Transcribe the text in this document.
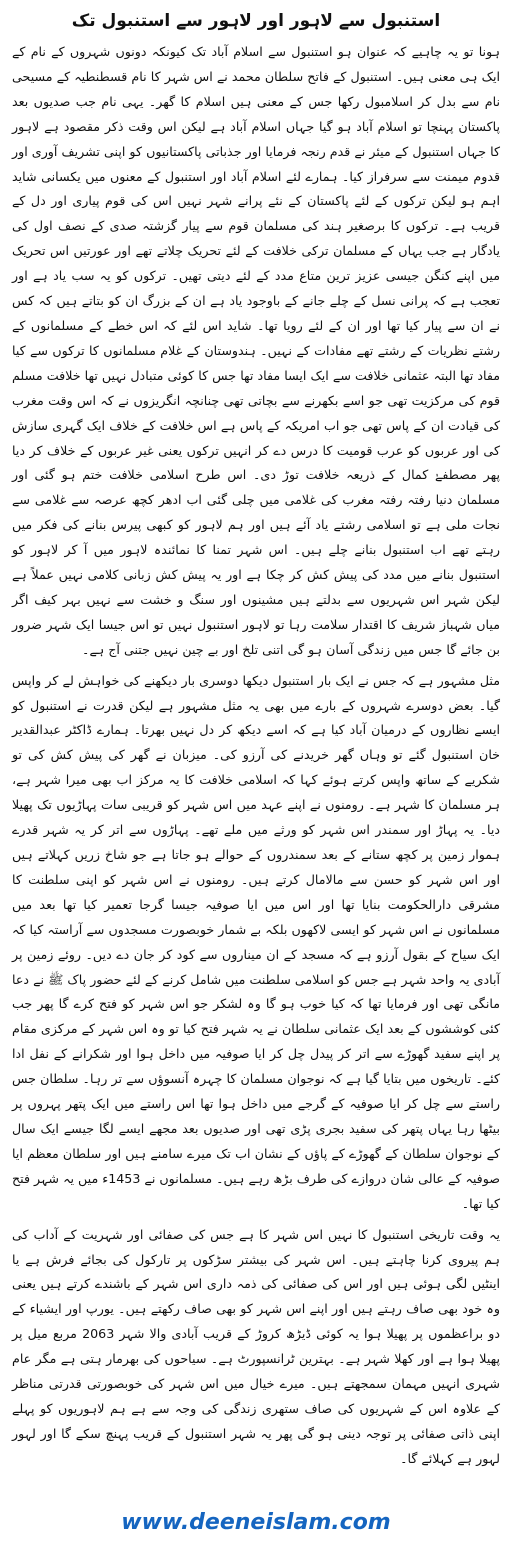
استنبول سے لاہور اور لاہور سے استنبول تک

ہونا تو یہ چاہیے کہ عنوان ہو استنبول سے اسلام آباد تک کیونکہ دونوں شہروں کے نام کے ایک ہی معنی ہیں۔ استنبول کے فاتح سلطان محمد نے اس شہر کا نام قسطنطیہ کے مسیحی نام سے بدل کر اسلامبول رکھا جس کے معنی ہیں اسلام کا گھر۔ یہی نام جب صدیوں بعد پاکستان پہنچا تو اسلام آباد ہو گیا جہاں اسلام آباد ہے لیکن اس وقت ذکر مقصود ہے لاہور کا جہاں استنبول کے میئر نے قدم رنجہ فرمایا اور جذباتی پاکستانیوں کو اپنی تشریف آوری اور قدوم میمنت سے سرفراز کیا۔ ہمارے لئے اسلام آباد اور استنبول کے معنوں میں یکسانی شاید اہم ہو لیکن ترکوں کے لئے پاکستان کے نئے پرانے شہر نہیں اس کی قوم پیاری اور دل کے قریب ہے۔ ترکوں کا برصغیر ہند کی مسلمان قوم سے پیار گزشتہ صدی کے نصف اول کی یادگار ہے جب یہاں کے مسلمان ترکی خلافت کے لئے تحریک چلاتے تھے اور عورتیں اس تحریک میں اپنے کنگن جیسی عزیز ترین متاع مدد کے لئے دیتی تھیں۔ ترکوں کو یہ سب یاد ہے اور تعجب ہے کہ پرانی نسل کے چلے جانے کے باوجود یاد ہے ان کے بزرگ ان کو بتاتے ہیں کہ کس نے ان سے پیار کیا تھا اور ان کے لئے رویا تھا۔ شاید اس لئے کہ اس خطے کے مسلمانوں کے رشتے نظریات کے رشتے تھے مفادات کے نہیں۔ ہندوستان کے غلام مسلمانوں کا ترکوں سے کیا مفاد تھا البتہ عثمانی خلافت سے ایک ایسا مفاد تھا جس کا کوئی متبادل نہیں تھا خلافت مسلم قوم کی مرکزیت تھی جو اسے بکھرنے سے بچاتی تھی چنانچہ انگریزوں نے کہ اس وقت مغرب کی قیادت ان کے پاس تھی جو اب امریکہ کے پاس ہے اس خلافت کے خلاف ایک گہری سازش کی اور عربوں کو عرب قومیت کا درس دے کر انہیں ترکوں یعنی غیر عربوں کے خلاف کر دیا پھر مصطفےٰ کمال کے ذریعہ خلافت توڑ دی۔ اس طرح اسلامی خلافت ختم ہو گئی اور مسلمان دنیا رفتہ رفتہ مغرب کی غلامی میں چلی گئی اب ادھر کچھ عرصہ سے غلامی سے نجات ملی ہے تو اسلامی رشتے یاد آئے ہیں اور ہم لاہور کو کبھی پیرس بنانے کی فکر میں رہتے تھے اب استنبول بنانے چلے ہیں۔ اس شہر تمنا کا نمائندہ لاہور میں آ کر لاہور کو استنبول بنانے میں مدد کی پیش کش کر چکا ہے اور یہ پیش کش زبانی کلامی نہیں عملاً ہے لیکن شہر اس شہریوں سے بدلتے ہیں مشینوں اور سنگ و خشت سے نہیں بہر کیف اگر میاں شہباز شریف کا اقتدار سلامت رہا تو لاہور استنبول نہیں تو اس جیسا ایک شہر ضرور بن جائے گا جس میں زندگی آسان ہو گی اتنی تلخ اور بے چین نہیں جتنی آج ہے۔

مثل مشہور ہے کہ جس نے ایک بار استنبول دیکھا دوسری بار دیکھنے کی خواہش لے کر واپس گیا۔ بعض دوسرے شہروں کے بارے میں بھی یہ مثل مشہور ہے لیکن قدرت نے استنبول کو ایسے نظاروں کے درمیان آباد کیا ہے کہ اسے دیکھ کر دل نہیں بھرتا۔ ہمارے ڈاکٹر عبدالقدیر خان استنبول گئے تو وہاں گھر خریدنے کی آرزو کی۔ میزبان نے گھر کی پیش کش کی تو شکریے کے ساتھ واپس کرتے ہوئے کہا کہ اسلامی خلافت کا یہ مرکز اب بھی میرا شہر ہے، ہر مسلمان کا شہر ہے۔ رومنوں نے اپنے عہد میں اس شہر کو قریبی سات پہاڑیوں تک پھیلا دیا۔ یہ پہاڑ اور سمندر اس شہر کو ورثے میں ملے تھے۔ پہاڑوں سے اتر کر یہ شہر قدرے ہموار زمین پر کچھ ستانے کے بعد سمندروں کے حوالے ہو جاتا ہے جو شاخ زریں کہلاتے ہیں اور اس شہر کو حسن سے مالامال کرتے ہیں۔ رومنوں نے اس شہر کو اپنی سلطنت کا مشرقی دارالحکومت بنایا تھا اور اس میں ایا صوفیہ جیسا گرجا تعمیر کیا تھا بعد میں مسلمانوں نے اس شہر کو ایسی لاکھوں بلکہ بے شمار خوبصورت مسجدوں سے آراستہ کیا کہ ایک سیاح کے بقول آرزو ہے کہ مسجد کے ان میناروں سے کود کر جان دے دیں۔ روئے زمین پر آبادی یہ واحد شہر ہے جس کو اسلامی سلطنت میں شامل کرنے کے لئے حضور پاک ﷺ نے دعا مانگی تھی اور فرمایا تھا کہ کیا خوب ہو گا وہ لشکر جو اس شہر کو فتح کرے گا پھر جب کئی کوششوں کے بعد ایک عثمانی سلطان نے یہ شہر فتح کیا تو وہ اس شہر کے مرکزی مقام پر اپنے سفید گھوڑے سے اتر کر پیدل چل کر ایا صوفیہ میں داخل ہوا اور شکرانے کے نفل ادا کئے۔ تاریخوں میں بتایا گیا ہے کہ نوجوان مسلمان کا چہرہ آنسوؤں سے تر رہا۔ سلطان جس راستے سے چل کر ایا صوفیہ کے گرجے میں داخل ہوا تھا اس راستے میں ایک پتھر پہروں پر بیٹھا رہا یہاں پتھر کی سفید بجری پڑی تھی اور صدیوں بعد مجھے ایسے لگا جیسے ایک سال کے نوجوان سلطان کے گھوڑے کے پاؤں کے نشان اب تک میرے سامنے ہیں اور سلطان معظم ایا صوفیہ کے عالی شان دروازے کی طرف بڑھ رہے ہیں۔ مسلمانوں نے 1453ء میں یہ شہر فتح کیا تھا۔

یہ وقت تاریخی استنبول کا نہیں اس شہر کا ہے جس کی صفائی اور شہریت کے آداب کی ہم پیروی کرنا چاہتے ہیں۔ اس شہر کی بیشتر سڑکوں پر تارکول کی بجائے فرش ہے یا اینٹیں لگی ہوئی ہیں اور اس کی صفائی کی ذمہ داری اس شہر کے باشندے کرتے ہیں یعنی وہ خود بھی صاف رہتے ہیں اور اپنے اس شہر کو بھی صاف رکھتے ہیں۔ یورپ اور ایشیاء کے دو براعظموں پر پھیلا ہوا یہ کوئی ڈیڑھ کروڑ کے قریب آبادی والا شہر 2063 مربع میل پر پھیلا ہوا ہے اور کھلا شہر ہے۔ بہترین ٹرانسپورٹ ہے۔ سیاحوں کی بھرمار ہتی ہے مگر عام شہری انہیں مہمان سمجھتے ہیں۔ میرے خیال میں اس شہر کی خوبصورتی قدرتی مناظر کے علاوہ اس کے شہریوں کی صاف ستھری زندگی کی وجہ سے ہے ہم لاہوریوں کو پہلے اپنی ذاتی صفائی پر توجہ دینی ہو گی پھر یہ شہر استنبول کے قریب پہنچ سکے گا اور لہور لہور ہے کہلائے گا۔

www.deeneislam.com
